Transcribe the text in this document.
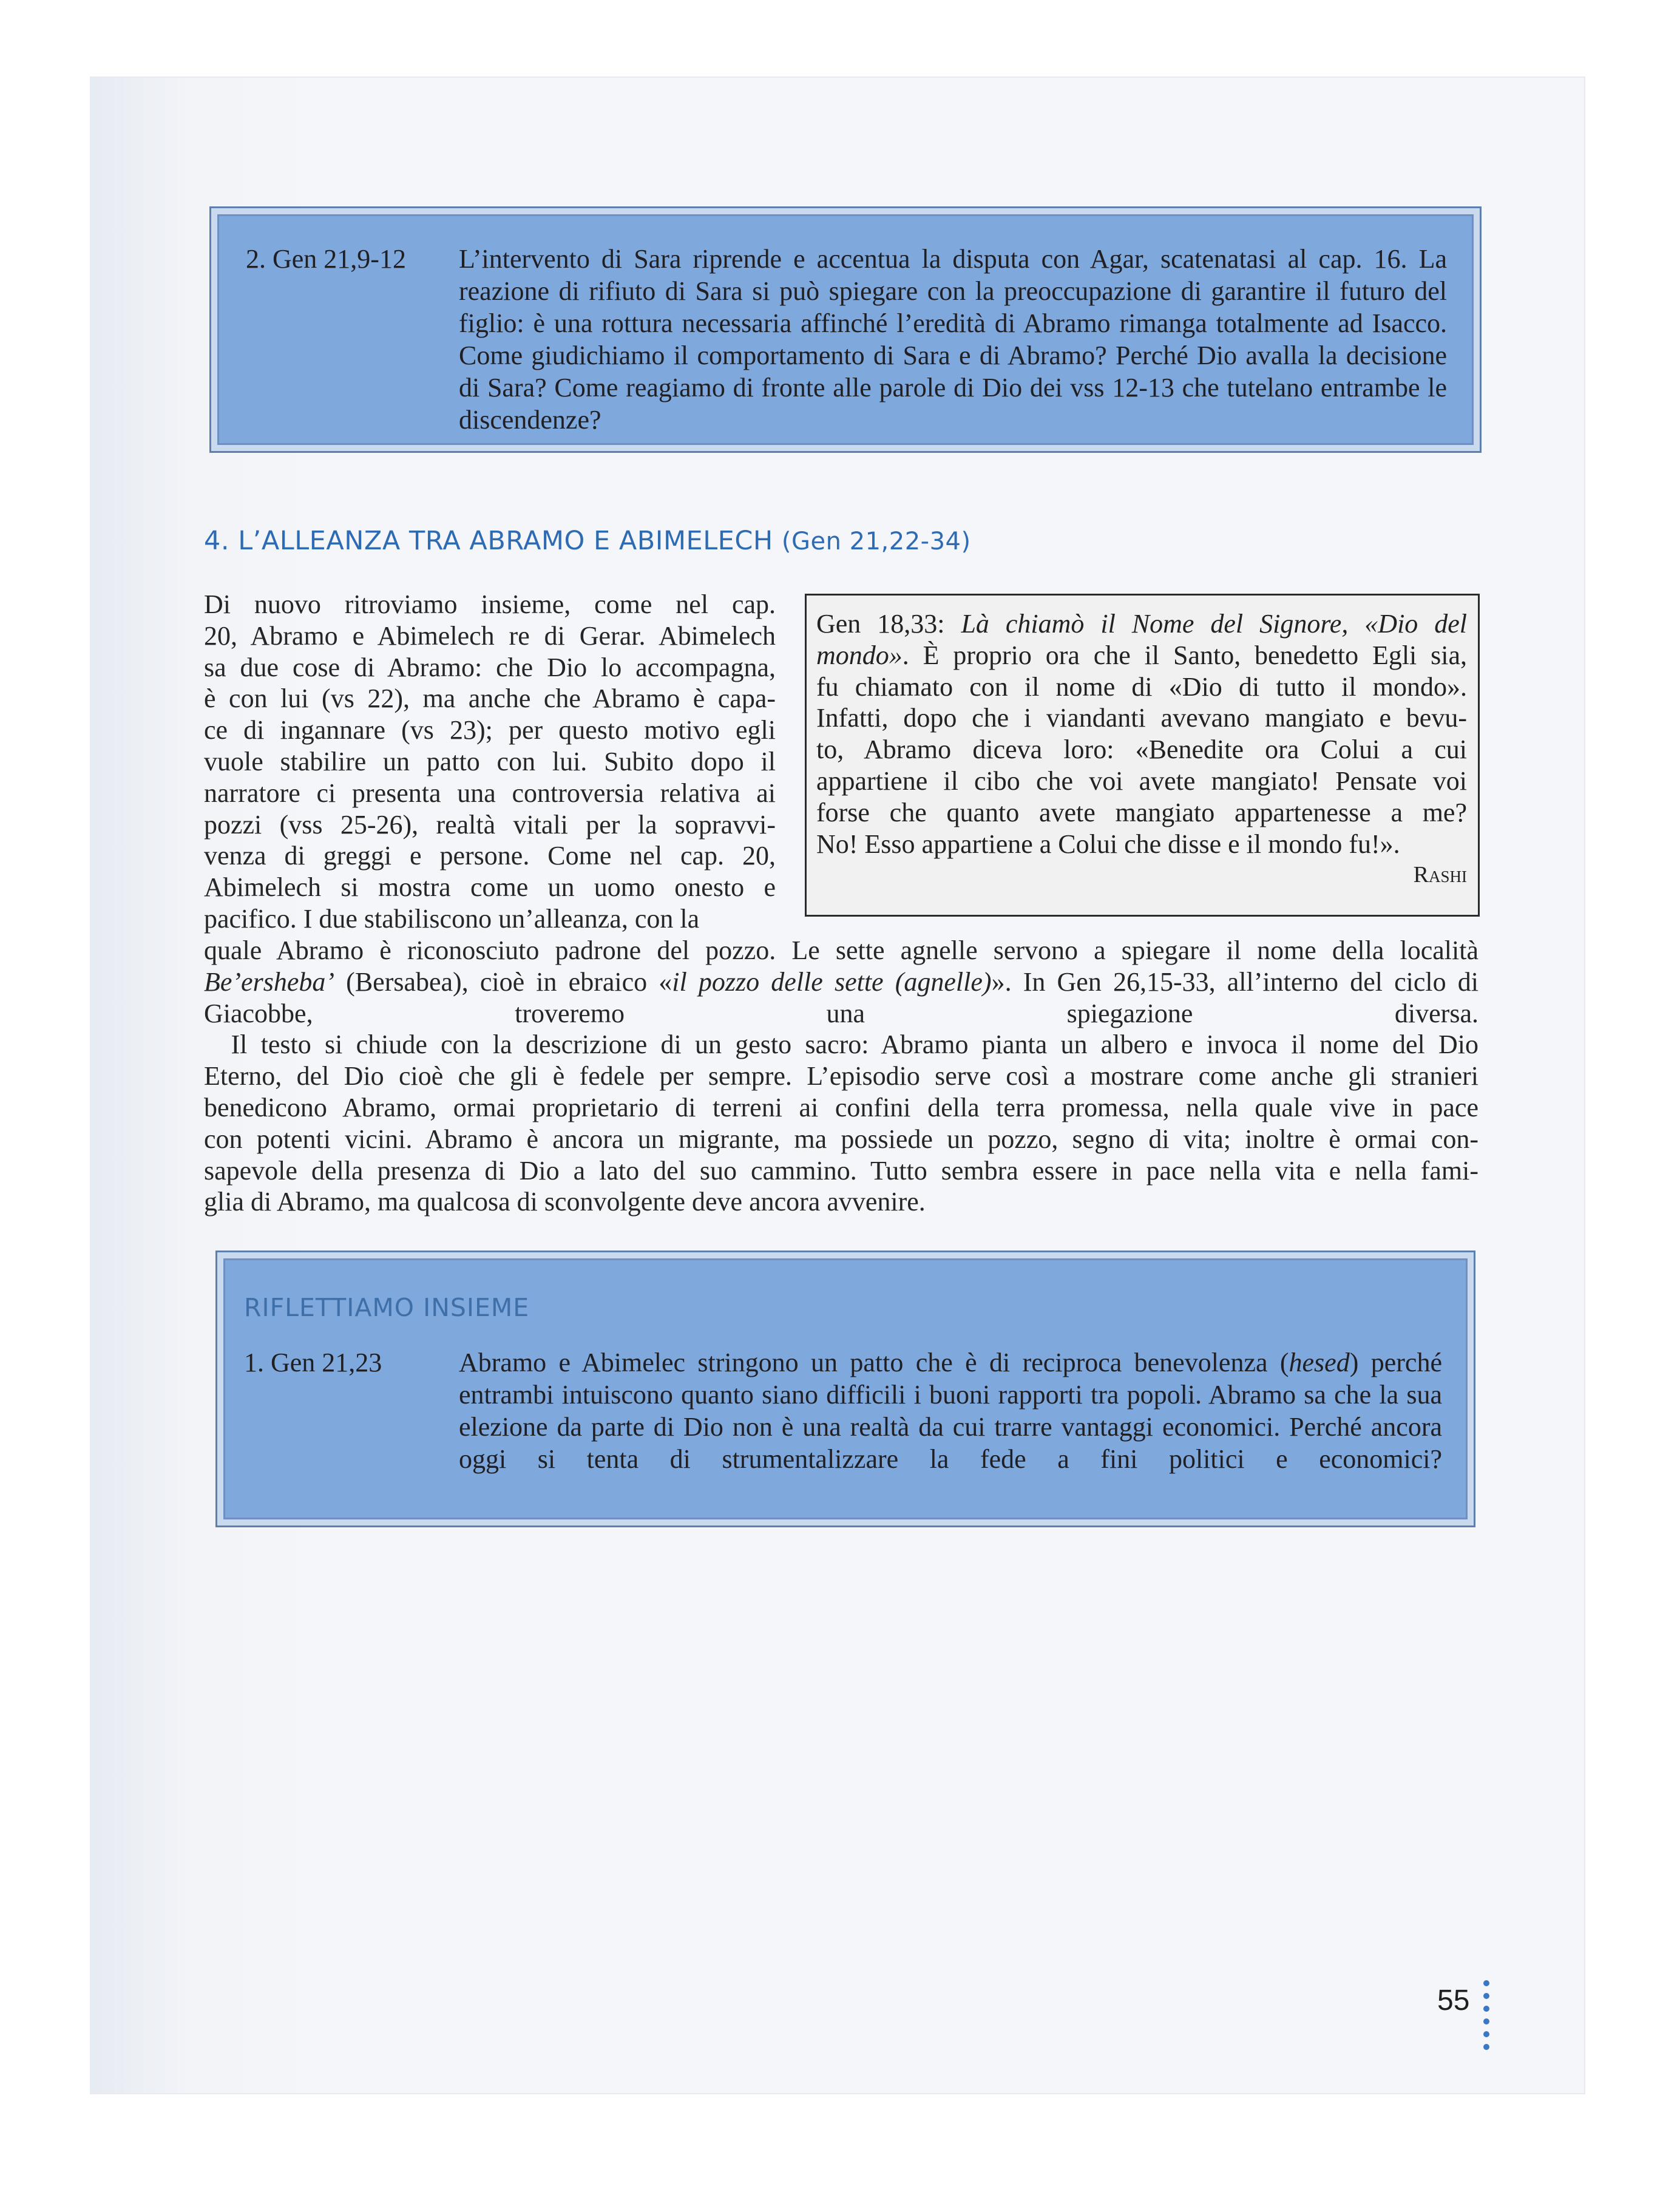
2. Gen 21,9-12 L’intervento di Sara riprende e accentua la disputa con Agar, scatenatasi al cap. 16. La reazione di rifiuto di Sara si può spiegare con la preoccupazione di garantire il futuro del figlio: è una rottura necessaria affinché l’eredità di Abramo rimanga totalmente ad Isacco. Come giudichiamo il comportamento di Sara e di Abramo? Perché Dio avalla la decisione di Sara? Come reagiamo di fronte alle parole di Dio dei vss 12-13 che tutelano entrambe le discendenze?
4. L’ALLEANZA TRA ABRAMO E ABIMELECH (Gen 21,22-34)
Di nuovo ritroviamo insieme, come nel cap.
20, Abramo e Abimelech re di Gerar. Abimelech
sa due cose di Abramo: che Dio lo accompagna,
è con lui (vs 22), ma anche che Abramo è capa-
ce di ingannare (vs 23); per questo motivo egli
vuole stabilire un patto con lui. Subito dopo il
narratore ci presenta una controversia relativa ai
pozzi (vss 25-26), realtà vitali per la sopravvi-
venza di greggi e persone. Come nel cap. 20,
Abimelech si mostra come un uomo onesto e
pacifico. I due stabiliscono un’alleanza, con la
Gen 18,33: Là chiamò il Nome del Signore, «Dio del
mondo». È proprio ora che il Santo, benedetto Egli sia,
fu chiamato con il nome di «Dio di tutto il mondo».
Infatti, dopo che i viandanti avevano mangiato e bevu-
to, Abramo diceva loro: «Benedite ora Colui a cui
appartiene il cibo che voi avete mangiato! Pensate voi
forse che quanto avete mangiato appartenesse a me?
No! Esso appartiene a Colui che disse e il mondo fu!».
Rashi
quale Abramo è riconosciuto padrone del pozzo. Le sette agnelle servono a spiegare il nome della località
Be’ersheba’ (Bersabea), cioè in ebraico «il pozzo delle sette (agnelle)». In Gen 26,15-33, all’interno del ciclo di
Giacobbe, troveremo una spiegazione diversa.
Il testo si chiude con la descrizione di un gesto sacro: Abramo pianta un albero e invoca il nome del Dio
Eterno, del Dio cioè che gli è fedele per sempre. L’episodio serve così a mostrare come anche gli stranieri
benedicono Abramo, ormai proprietario di terreni ai confini della terra promessa, nella quale vive in pace
con potenti vicini. Abramo è ancora un migrante, ma possiede un pozzo, segno di vita; inoltre è ormai con-
sapevole della presenza di Dio a lato del suo cammino. Tutto sembra essere in pace nella vita e nella fami-
glia di Abramo, ma qualcosa di sconvolgente deve ancora avvenire.
RIFLETTIAMO INSIEME
1. Gen 21,23	Abramo e Abimelec stringono un patto che è di reciproca benevolenza (hesed) perché entrambi intuiscono quanto siano difficili i buoni rapporti tra popoli. Abramo sa che la sua elezione da parte di Dio non è una realtà da cui trarre vantaggi economici. Perché ancora oggi si tenta di strumentalizzare la fede a fini politici e economici?
55
